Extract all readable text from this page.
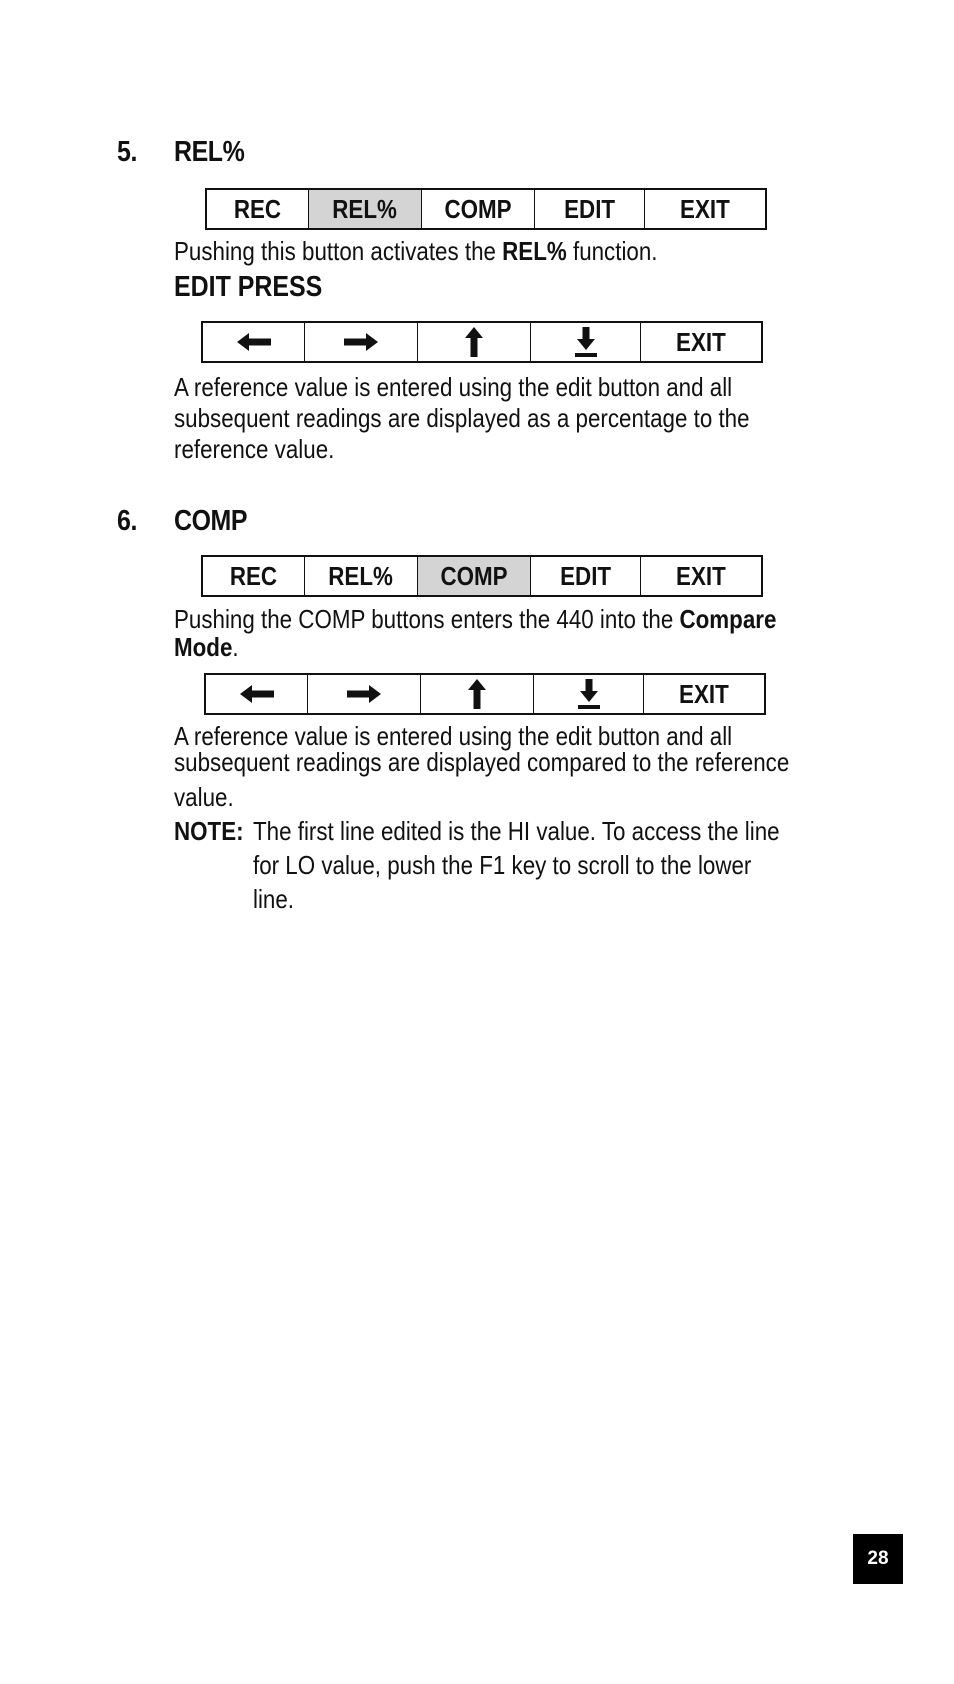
5. REL%
REC REL% COMP EDIT	EXIT
Pushing this button activates the REL% function.
EDIT PRESS
EXIT
A reference value is entered using the edit button and all
subsequent readings are displayed as a percentage to the
reference value.
6. COMP
REC REL% COMP EDIT	EXIT
Pushing the COMP buttons enters the 440 into the Compare
Mode.
EXIT
A reference value is entered using the edit button and all
subsequent readings are displayed compared to the reference
value.
NOTE: The first line edited is the HI value. To access the line
for LO value, push the F1 key to scroll to the lower
line.
28
